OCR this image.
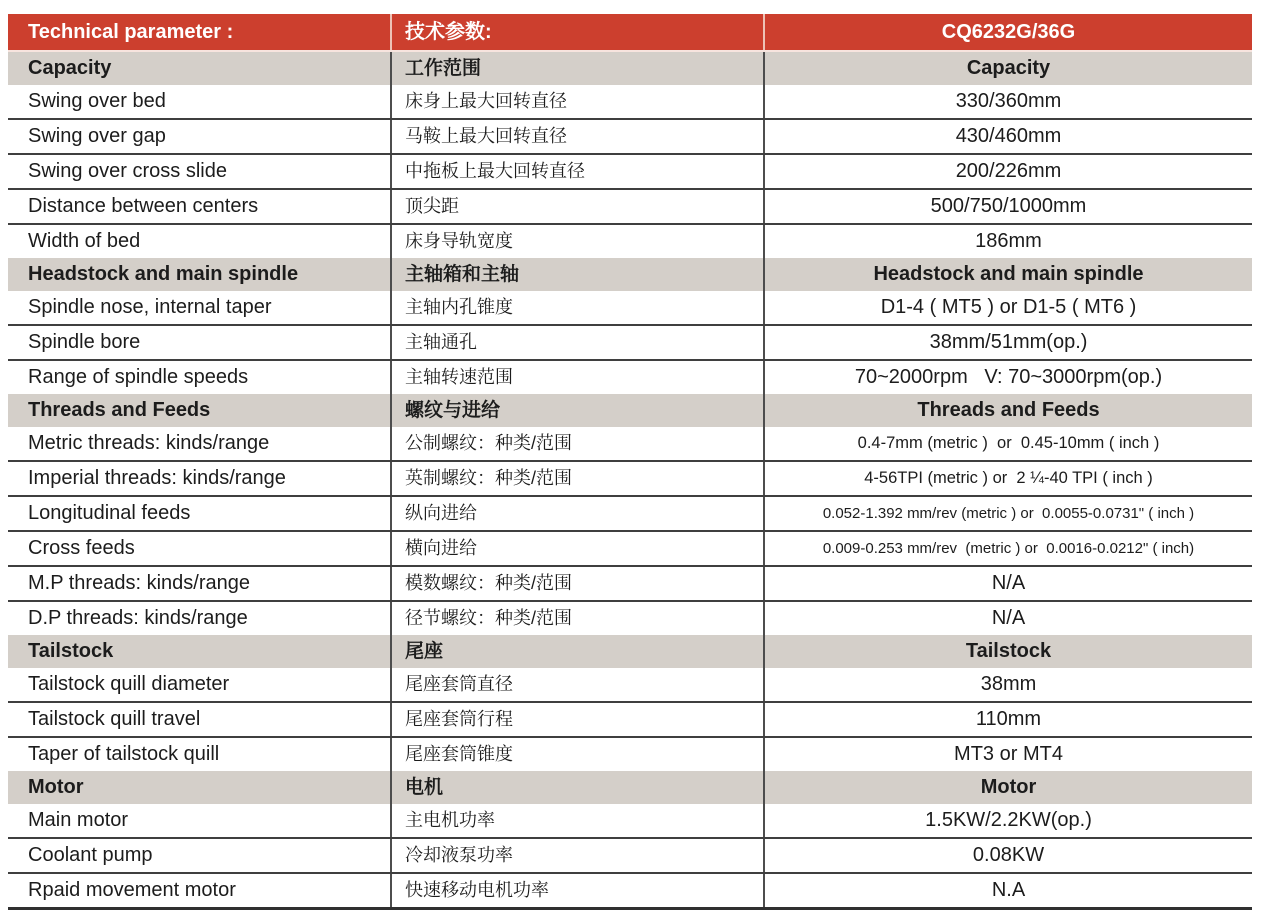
Technical parameter :	技术参数:	CQ6232G/36G
Capacity	工作范围	Capacity
Swing over bed	床身上最大回转直径	330/360mm
Swing over gap	马鞍上最大回转直径	430/460mm
Swing over cross slide	中拖板上最大回转直径	200/226mm
Distance between centers	顶尖距	500/750/1000mm
Width of bed	床身导轨宽度	186mm
Headstock and main spindle	主轴箱和主轴	Headstock and main spindle
Spindle nose, internal taper	主轴内孔锥度	D1-4 ( MT5 ) or D1-5 ( MT6 )
Spindle bore	主轴通孔	38mm/51mm(op.)
Range of spindle speeds	主轴转速范围	70~2000rpm   V: 70~3000rpm(op.)
Threads and Feeds	螺纹与进给	Threads and Feeds
Metric threads: kinds/range	公制螺纹：种类/范围	0.4-7mm (metric )  or  0.45-10mm ( inch )
Imperial threads: kinds/range	英制螺纹：种类/范围	4-56TPI (metric ) or  2 ¼-40 TPI ( inch )
Longitudinal feeds	纵向进给	0.052-1.392 mm/rev (metric ) or  0.0055-0.0731" ( inch )
Cross feeds	横向进给	0.009-0.253 mm/rev  (metric ) or  0.0016-0.0212" ( inch)
M.P threads: kinds/range	模数螺纹：种类/范围	N/A
D.P threads: kinds/range	径节螺纹：种类/范围	N/A
Tailstock	尾座	Tailstock
Tailstock quill diameter	尾座套筒直径	38mm
Tailstock quill travel	尾座套筒行程	110mm
Taper of tailstock quill	尾座套筒锥度	MT3 or MT4
Motor	电机	Motor
Main motor	主电机功率	1.5KW/2.2KW(op.)
Coolant pump	冷却液泵功率	0.08KW
Rpaid movement motor	快速移动电机功率	N.A
